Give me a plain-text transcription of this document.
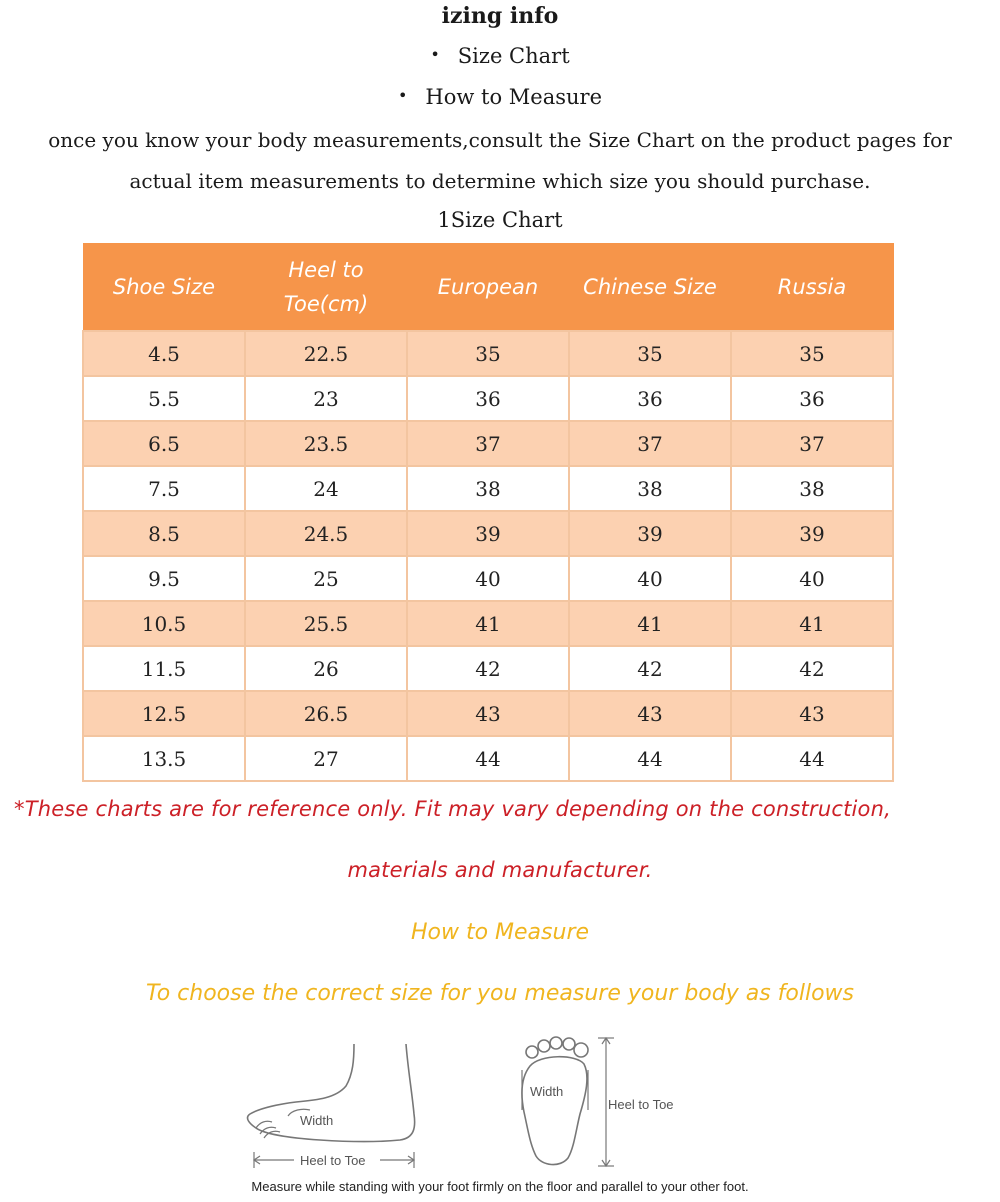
izing info
• Size Chart
• How to Measure
once you know your body measurements,consult the Size Chart on the product pages for
actual item measurements to determine which size you should purchase.
1Size Chart
Shoe Size	Heel to Toe(cm)	European	Chinese Size	Russia
4.5	22.5	35	35	35
5.5	23	36	36	36
6.5	23.5	37	37	37
7.5	24	38	38	38
8.5	24.5	39	39	39
9.5	25	40	40	40
10.5	25.5	41	41	41
11.5	26	42	42	42
12.5	26.5	43	43	43
13.5	27	44	44	44
*These charts are for reference only. Fit may vary depending on the construction,
materials and manufacturer.
How to Measure
To choose the correct size for you measure your body as follows
Width
Heel to Toe
Width
Heel to Toe
Measure while standing with your foot firmly on the floor and parallel to your other foot.
